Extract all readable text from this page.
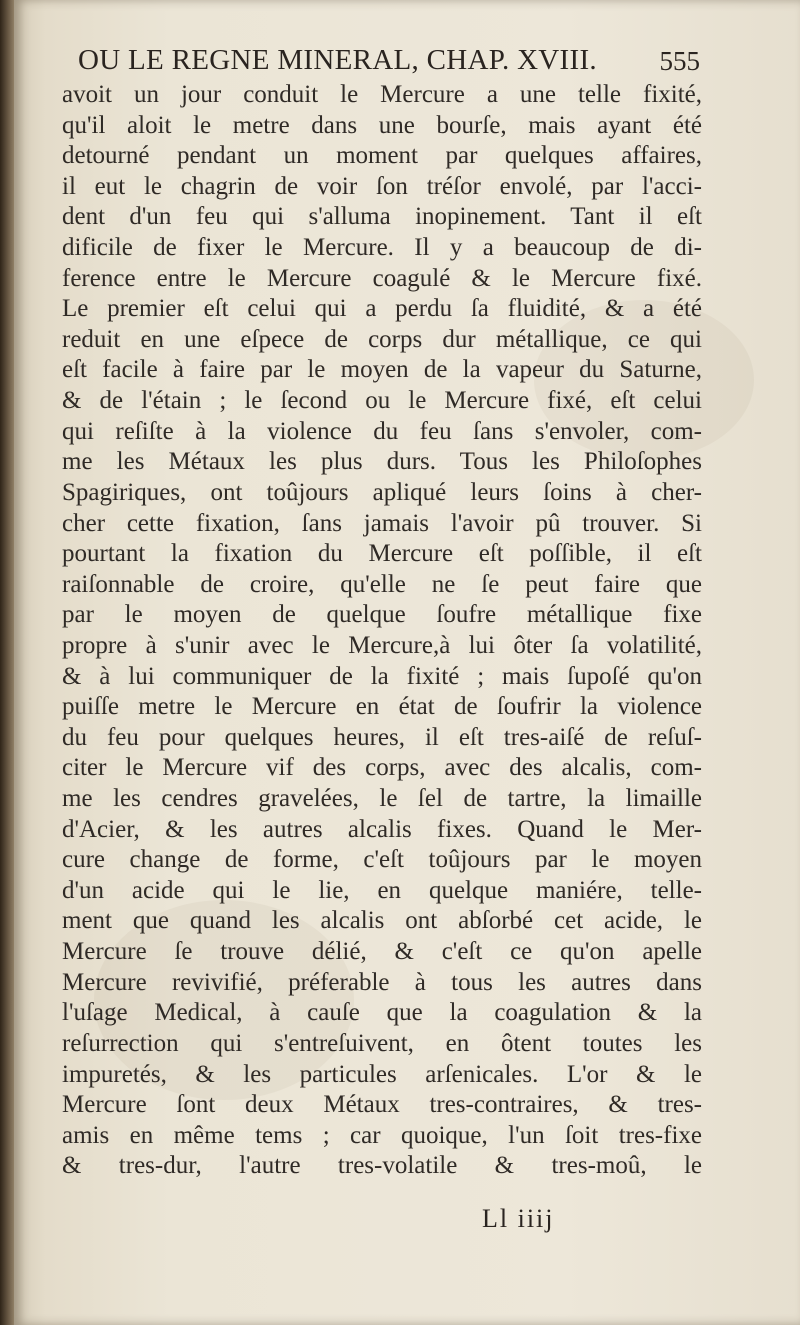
OU LE REGNE MINERAL, CHAP. XVIII. 555
avoit un jour conduit le Mercure a une telle fixité,
qu'il aloit le metre dans une bourſe, mais ayant été
detourné pendant un moment par quelques affaires,
il eut le chagrin de voir ſon tréſor envolé, par l'acci-
dent d'un feu qui s'alluma inopinement. Tant il eſt
dificile de fixer le Mercure. Il y a beaucoup de di-
ference entre le Mercure coagulé & le Mercure fixé.
Le premier eſt celui qui a perdu ſa fluidité, & a été
reduit en une eſpece de corps dur métallique, ce qui
eſt facile à faire par le moyen de la vapeur du Saturne,
& de l'étain ; le ſecond ou le Mercure fixé, eſt celui
qui reſiſte à la violence du feu ſans s'envoler, com-
me les Métaux les plus durs. Tous les Philoſophes
Spagiriques, ont toûjours apliqué leurs ſoins à cher-
cher cette fixation, ſans jamais l'avoir pû trouver. Si
pourtant la fixation du Mercure eſt poſſible, il eſt
raiſonnable de croire, qu'elle ne ſe peut faire que
par le moyen de quelque ſoufre métallique fixe
propre à s'unir avec le Mercure,à lui ôter ſa volatilité,
& à lui communiquer de la fixité ; mais ſupoſé qu'on
puiſſe metre le Mercure en état de ſoufrir la violence
du feu pour quelques heures, il eſt tres-aiſé de reſuſ-
citer le Mercure vif des corps, avec des alcalis, com-
me les cendres gravelées, le ſel de tartre, la limaille
d'Acier, & les autres alcalis fixes. Quand le Mer-
cure change de forme, c'eſt toûjours par le moyen
d'un acide qui le lie, en quelque maniére, telle-
ment que quand les alcalis ont abſorbé cet acide, le
Mercure ſe trouve délié, & c'eſt ce qu'on apelle
Mercure revivifié, préferable à tous les autres dans
l'uſage Medical, à cauſe que la coagulation & la
reſurrection qui s'entreſuivent, en ôtent toutes les
impuretés, & les particules arſenicales. L'or & le
Mercure ſont deux Métaux tres-contraires, & tres-
amis en même tems ; car quoique, l'un ſoit tres-fixe
& tres-dur, l'autre tres-volatile & tres-moû, le
Ll iiij
